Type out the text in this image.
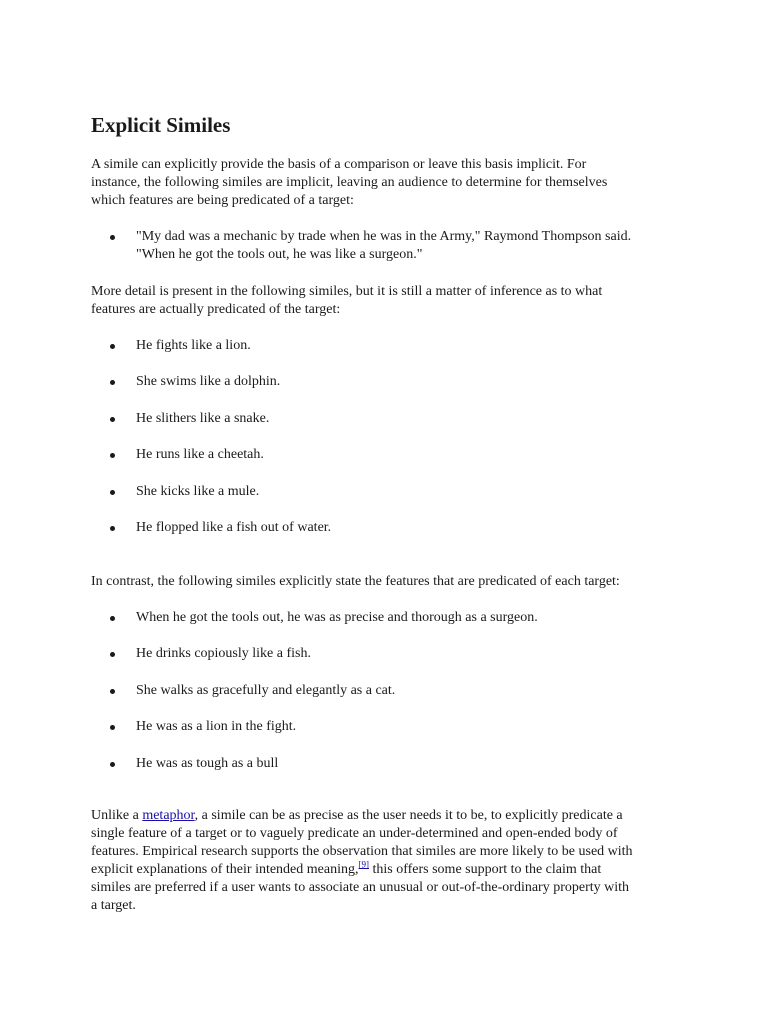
Explicit Similes

A simile can explicitly provide the basis of a comparison or leave this basis implicit. For
instance, the following similes are implicit, leaving an audience to determine for themselves
which features are being predicated of a target:

"My dad was a mechanic by trade when he was in the Army," Raymond Thompson said.
"When he got the tools out, he was like a surgeon."

More detail is present in the following similes, but it is still a matter of inference as to what
features are actually predicated of the target:

He fights like a lion.
She swims like a dolphin.
He slithers like a snake.
He runs like a cheetah.
She kicks like a mule.
He flopped like a fish out of water.

In contrast, the following similes explicitly state the features that are predicated of each target:

When he got the tools out, he was as precise and thorough as a surgeon.
He drinks copiously like a fish.
She walks as gracefully and elegantly as a cat.
He was as a lion in the fight.
He was as tough as a bull

Unlike a metaphor, a simile can be as precise as the user needs it to be, to explicitly predicate a
single feature of a target or to vaguely predicate an under-determined and open-ended body of
features. Empirical research supports the observation that similes are more likely to be used with
explicit explanations of their intended meaning,[9] this offers some support to the claim that
similes are preferred if a user wants to associate an unusual or out-of-the-ordinary property with
a target.
